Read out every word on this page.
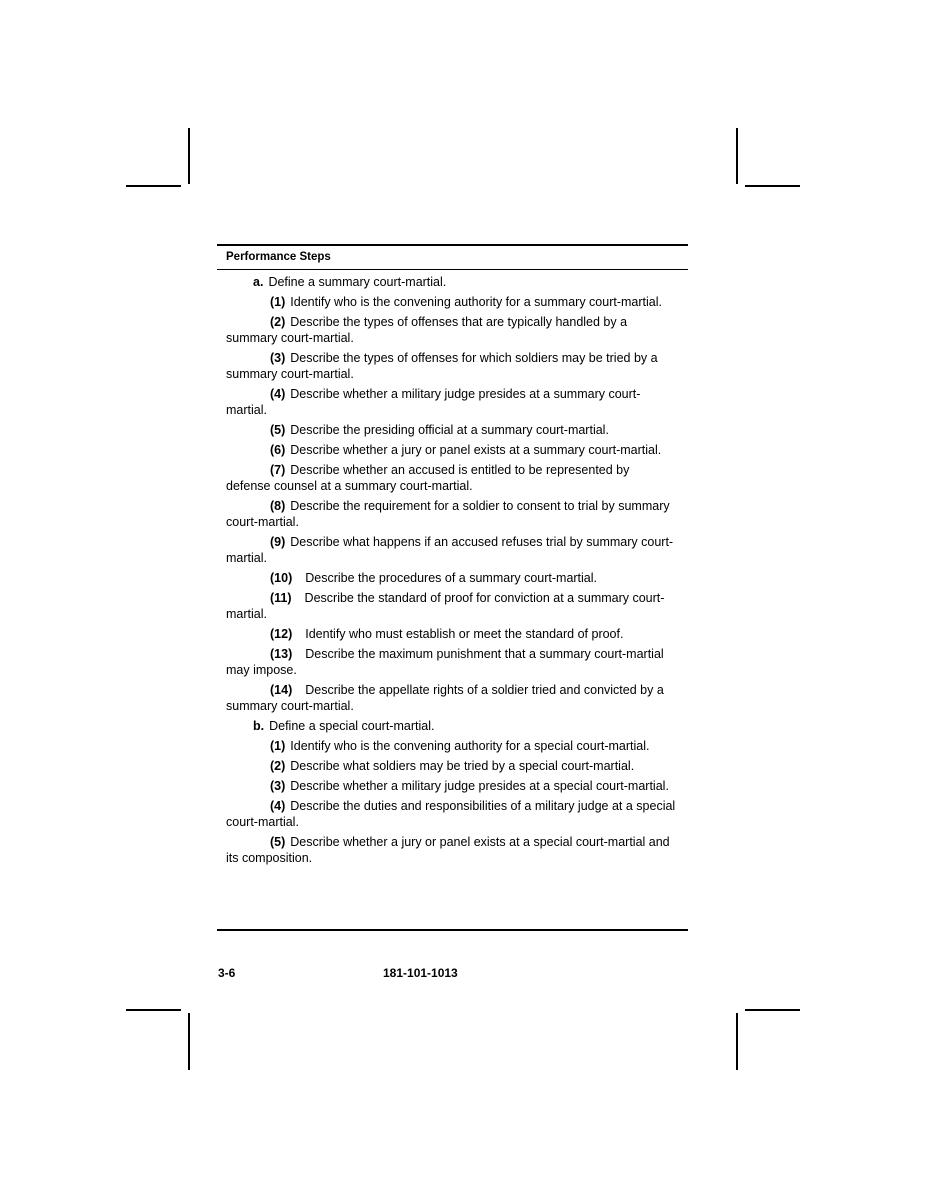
Performance Steps
a. Define a summary court-martial.
(1) Identify who is the convening authority for a summary court-martial.
(2) Describe the types of offenses that are typically handled by a summary court-martial.
(3) Describe the types of offenses for which soldiers may be tried by a summary court-martial.
(4) Describe whether a military judge presides at a summary court-martial.
(5) Describe the presiding official at a summary court-martial.
(6) Describe whether a jury or panel exists at a summary court-martial.
(7) Describe whether an accused is entitled to be represented by defense counsel at a summary court-martial.
(8) Describe the requirement for a soldier to consent to trial by summary court-martial.
(9) Describe what happens if an accused refuses trial by summary court-martial.
(10) Describe the procedures of a summary court-martial.
(11) Describe the standard of proof for conviction at a summary court-martial.
(12) Identify who must establish or meet the standard of proof.
(13) Describe the maximum punishment that a summary court-martial may impose.
(14) Describe the appellate rights of a soldier tried and convicted by a summary court-martial.
b. Define a special court-martial.
(1) Identify who is the convening authority for a special court-martial.
(2) Describe what soldiers may be tried by a special court-martial.
(3) Describe whether a military judge presides at a special court-martial.
(4) Describe the duties and responsibilities of a military judge at a special court-martial.
(5) Describe whether a jury or panel exists at a special court-martial and its composition.
3-6	181-101-1013
